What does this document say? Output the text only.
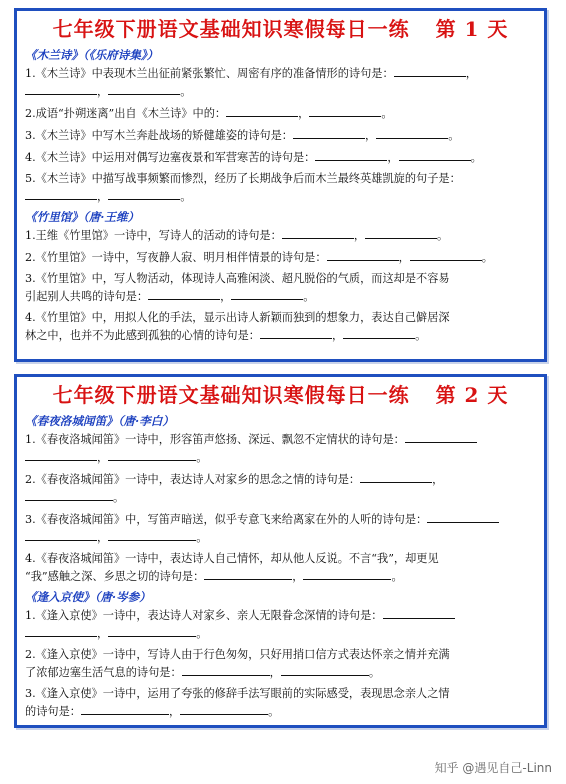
七年级下册语文基础知识寒假每日一练 第 1 天
《木兰诗》（《乐府诗集》）

1.《木兰诗》中表现木兰出征前紧张繁忙、周密有序的准备情形的诗句是：	，

，	。

2.成语“扑朔迷离”出自《木兰诗》中的：	，	。

3.《木兰诗》中写木兰奔赴战场的矫健雄姿的诗句是：	，	。

4.《木兰诗》中运用对偶写边塞夜景和军营寒苦的诗句是：	，	。

5.《木兰诗》中描写战事频繁而惨烈，经历了长期战争后而木兰最终英雄凯旋的句子是：

，	。

《竹里馆》（唐·王维）

1.王维《竹里馆》一诗中，写诗人的活动的诗句是：	，	。

2.《竹里馆》一诗中，写夜静人寂、明月相伴情景的诗句是：	，	。

3.《竹里馆》中，写人物活动，体现诗人高雅闲淡、超凡脱俗的气质，而这却是不容易

引起别人共鸣的诗句是：	，	。

4.《竹里馆》中，用拟人化的手法，显示出诗人新颖而独到的想象力，表达自己僻居深

林之中，也并不为此感到孤独的心情的诗句是：	，	。

七年级下册语文基础知识寒假每日一练 第 2 天
《春夜洛城闻笛》（唐·李白）

1.《春夜洛城闻笛》一诗中，形容笛声悠扬、深远、飘忽不定情状的诗句是：

，	。

2.《春夜洛城闻笛》一诗中，表达诗人对家乡的思念之情的诗句是：	，

。

3.《春夜洛城闻笛》中，写笛声暗送，似乎专意飞来给离家在外的人听的诗句是：

，	。

4.《春夜洛城闻笛》一诗中，表达诗人自己情怀，却从他人反说。不言“我”，却更见

“我”感触之深、乡思之切的诗句是：	，	。

《逢入京使》（唐·岑参）

1.《逢入京使》一诗中，表达诗人对家乡、亲人无限眷念深情的诗句是：

，	。

2.《逢入京使》一诗中，写诗人由于行色匆匆，只好用捎口信方式表达怀亲之情并充满

了浓郁边塞生活气息的诗句是：	，	。

3.《逢入京使》一诗中，运用了夸张的修辞手法写眼前的实际感受，表现思念亲人之情

的诗句是：	，	。

知乎 @遇见自己-Linn
